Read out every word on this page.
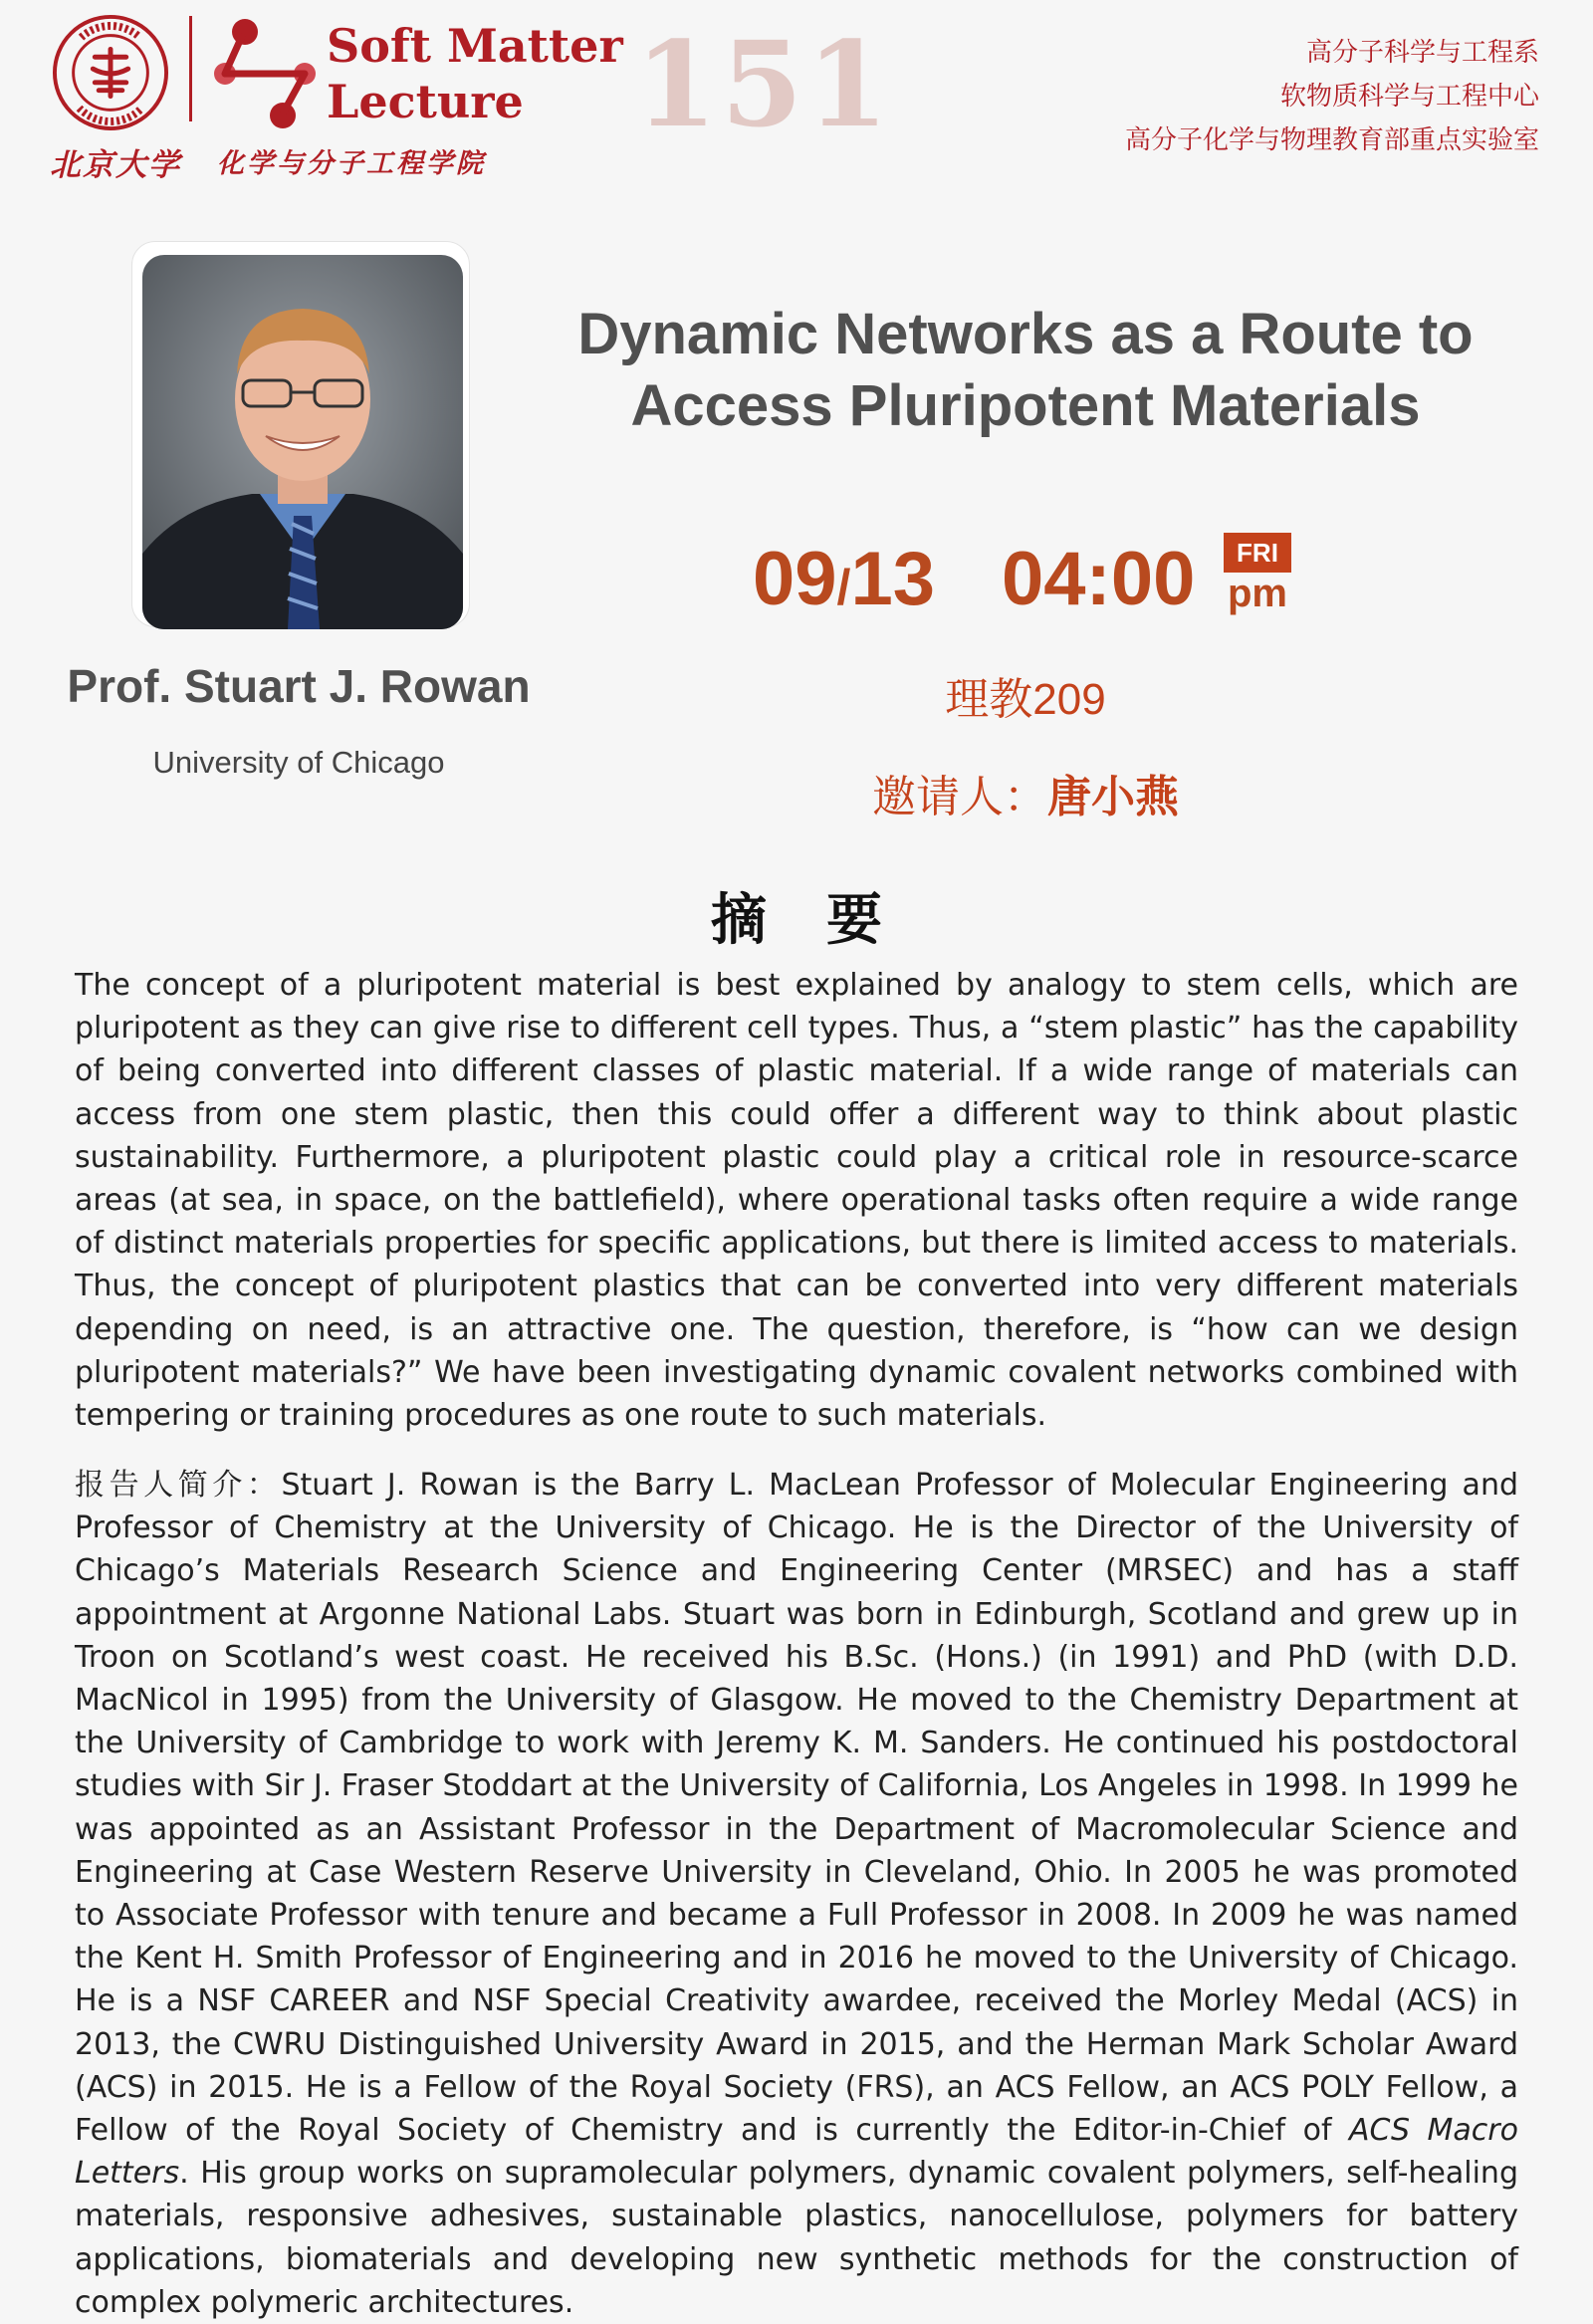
北京大学
Soft Matter
Lecture
化学与分子工程学院
151	高分子科学与工程系
软物质科学与工程中心
高分子化学与物理教育部重点实验室
Prof. Stuart J. Rowan
University of Chicago
Dynamic Networks as a Route to
Access Pluripotent Materials
09/13 04:00	FRI
pm
理教209
邀请人：唐小燕
摘要

The concept of a pluripotent material is best explained by analogy to stem cells, which are pluripotent as they can give rise to different cell types. Thus, a “stem plastic” has the capability of being converted into different classes of plastic material. If a wide range of materials can access from one stem plastic, then this could offer a different way to think about plastic sustainability. Furthermore, a pluripotent plastic could play a critical role in resource-scarce areas (at sea, in space, on the battlefield), where operational tasks often require a wide range of distinct materials properties for specific applications, but there is limited access to materials. Thus, the concept of pluripotent plastics that can be converted into very different materials depending on need, is an attractive one. The question, therefore, is “how can we design pluripotent materials?” We have been investigating dynamic covalent networks combined with tempering or training procedures as one route to such materials.

报告人简介：Stuart J. Rowan is the Barry L. MacLean Professor of Molecular Engineering and Professor of Chemistry at the University of Chicago. He is the Director of the University of Chicago’s Materials Research Science and Engineering Center (MRSEC) and has a staff appointment at Argonne National Labs. Stuart was born in Edinburgh, Scotland and grew up in Troon on Scotland’s west coast. He received his B.Sc. (Hons.) (in 1991) and PhD (with D.D. MacNicol in 1995) from the University of Glasgow. He moved to the Chemistry Department at the University of Cambridge to work with Jeremy K. M. Sanders. He continued his postdoctoral studies with Sir J. Fraser Stoddart at the University of California, Los Angeles in 1998. In 1999 he was appointed as an Assistant Professor in the Department of Macromolecular Science and Engineering at Case Western Reserve University in Cleveland, Ohio. In 2005 he was promoted to Associate Professor with tenure and became a Full Professor in 2008. In 2009 he was named the Kent H. Smith Professor of Engineering and in 2016 he moved to the University of Chicago. He is a NSF CAREER and NSF Special Creativity awardee, received the Morley Medal (ACS) in 2013, the CWRU Distinguished University Award in 2015, and the Herman Mark Scholar Award (ACS) in 2015. He is a Fellow of the Royal Society (FRS), an ACS Fellow, an ACS POLY Fellow, a Fellow of the Royal Society of Chemistry and is currently the Editor-in-Chief of ACS Macro Letters. His group works on supramolecular polymers, dynamic covalent polymers, self-healing materials, responsive adhesives, sustainable plastics, nanocellulose, polymers for battery applications, biomaterials and developing new synthetic methods for the construction of complex polymeric architectures.
